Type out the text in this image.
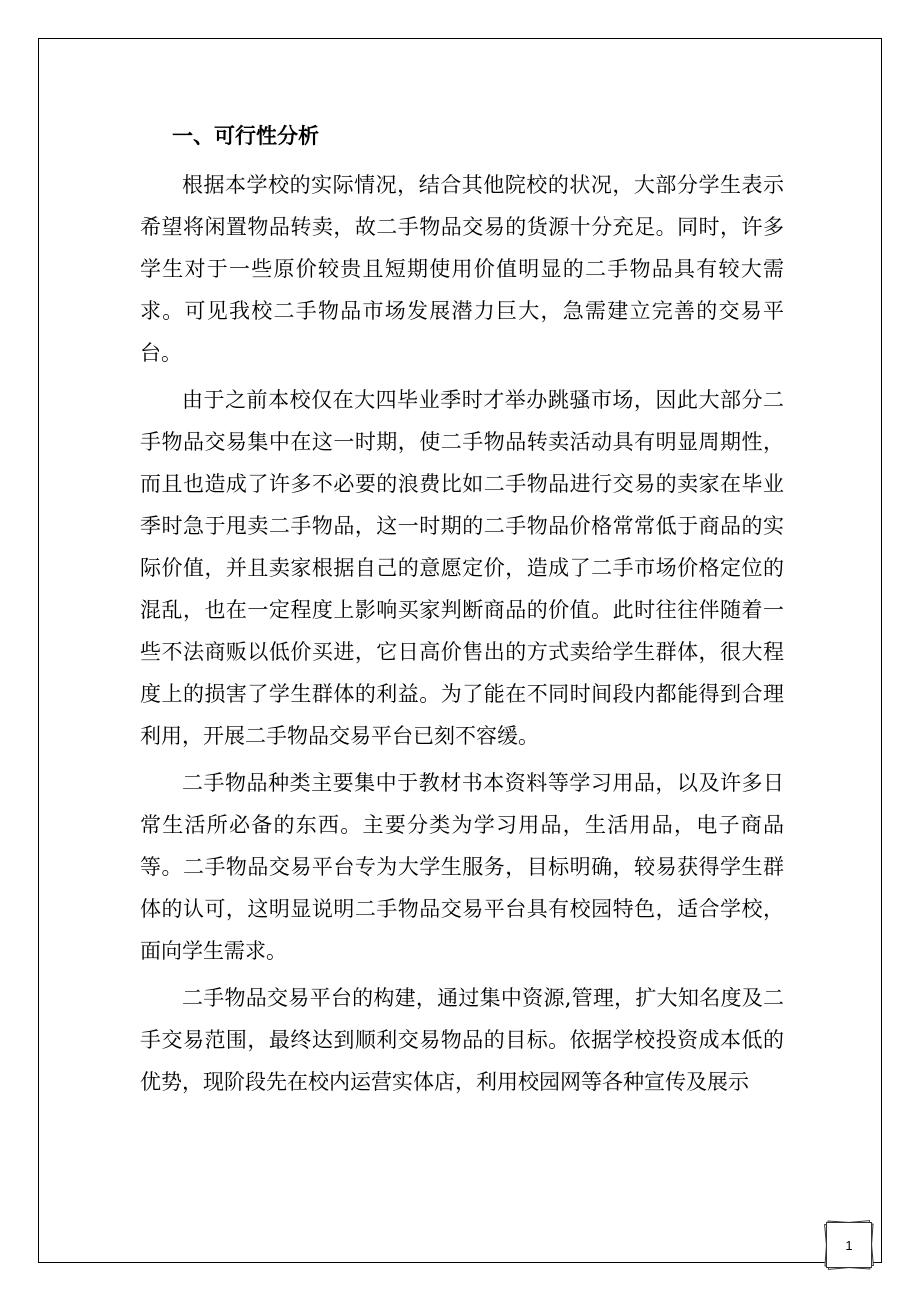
一、可行性分析

根据本学校的实际情况，结合其他院校的状况，大部分学生表示希望将闲置物品转卖，故二手物品交易的货源十分充足。同时，许多学生对于一些原价较贵且短期使用价值明显的二手物品具有较大需求。可见我校二手物品市场发展潜力巨大，急需建立完善的交易平台。

由于之前本校仅在大四毕业季时才举办跳骚市场，因此大部分二手物品交易集中在这一时期，使二手物品转卖活动具有明显周期性，而且也造成了许多不必要的浪费比如二手物品进行交易的卖家在毕业季时急于甩卖二手物品，这一时期的二手物品价格常常低于商品的实际价值，并且卖家根据自己的意愿定价，造成了二手市场价格定位的混乱，也在一定程度上影响买家判断商品的价值。此时往往伴随着一些不法商贩以低价买进，它日高价售出的方式卖给学生群体，很大程度上的损害了学生群体的利益。为了能在不同时间段内都能得到合理利用，开展二手物品交易平台已刻不容缓。

二手物品种类主要集中于教材书本资料等学习用品，以及许多日常生活所必备的东西。主要分类为学习用品，生活用品，电子商品等。二手物品交易平台专为大学生服务，目标明确，较易获得学生群体的认可，这明显说明二手物品交易平台具有校园特色，适合学校，面向学生需求。

二手物品交易平台的构建，通过集中资源,管理，扩大知名度及二手交易范围，最终达到顺利交易物品的目标。依据学校投资成本低的优势，现阶段先在校内运营实体店，利用校园网等各种宣传及展示

1
